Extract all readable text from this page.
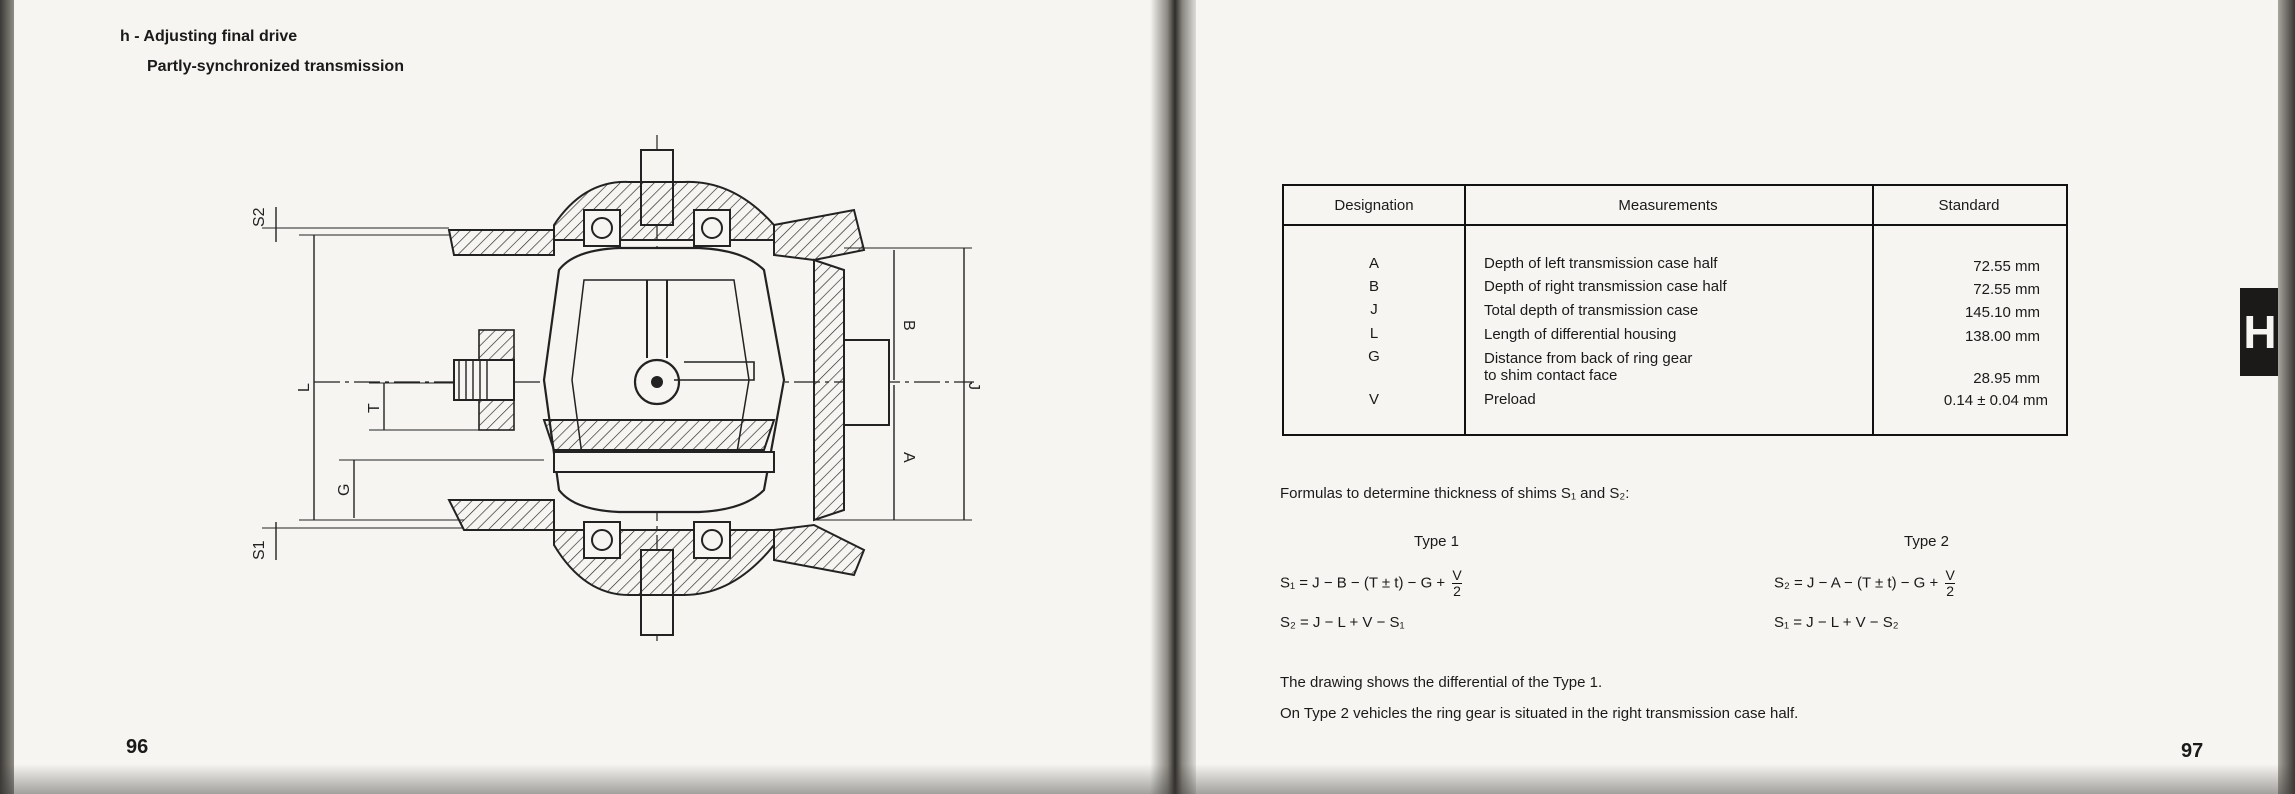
h - Adjusting final drive
Partly-synchronized transmission
S2
L
T
G
S1
B
A
J
96
Designation	Measurements	Standard
A	Depth of left transmission case half	72.55 mm
B	Depth of right transmission case half	72.55 mm
J	Total depth of transmission case	145.10 mm
L	Length of differential housing	138.00 mm
G	Distance from back of ring gear
to shim contact face	28.95 mm
V	Preload	0.14 ± 0.04 mm
Formulas to determine thickness of shims S₁ and S₂:
Type 1	Type 2
$S_1 = J - B - (T \pm t) - G + \frac{V}{2}$
S₂ = J − L + V − S₁
$S_2 = J - A - (T \pm t) - G + \frac{V}{2}$
S₁ = J − L + V − S₂
The drawing shows the differential of the Type 1.
On Type 2 vehicles the ring gear is situated in the right transmission case half.
97
H
